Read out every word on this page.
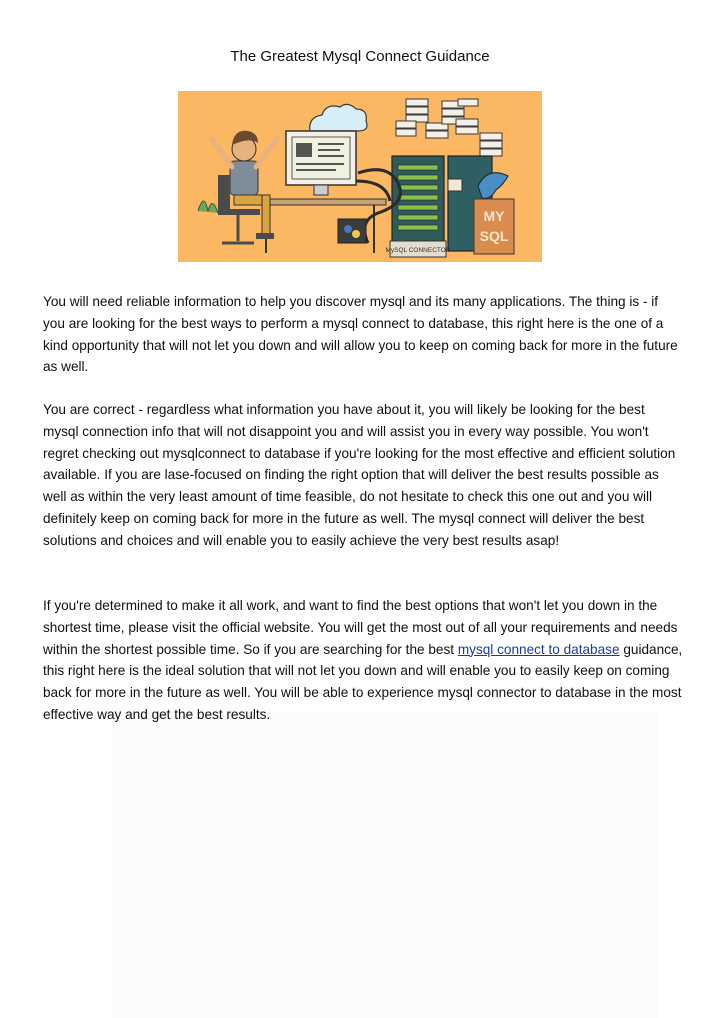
The Greatest Mysql Connect Guidance
MY
SQL
MySQL CONNECTOR
You will need reliable information to help you discover mysql and its many applications. The thing is - if you are looking for the best ways to perform a mysql connect to database, this right here is the one of a kind opportunity that will not let you down and will allow you to keep on coming back for more in the future as well.
You are correct - regardless what information you have about it, you will likely be looking for the best mysql connection info that will not disappoint you and will assist you in every way possible. You won't regret checking out mysqlconnect to database if you're looking for the most effective and efficient solution available. If you are lase-focused on finding the right option that will deliver the best results possible as well as within the very least amount of time feasible, do not hesitate to check this one out and you will definitely keep on coming back for more in the future as well. The mysql connect will deliver the best solutions and choices and will enable you to easily achieve the very best results asap!
If you're determined to make it all work, and want to find the best options that won't let you down in the shortest time, please visit the official website. You will get the most out of all your requirements and needs within the shortest possible time. So if you are searching for the best mysql connect to database guidance, this right here is the ideal solution that will not let you down and will enable you to easily keep on coming back for more in the future as well. You will be able to experience mysql connector to database in the most effective way and get the best results.
